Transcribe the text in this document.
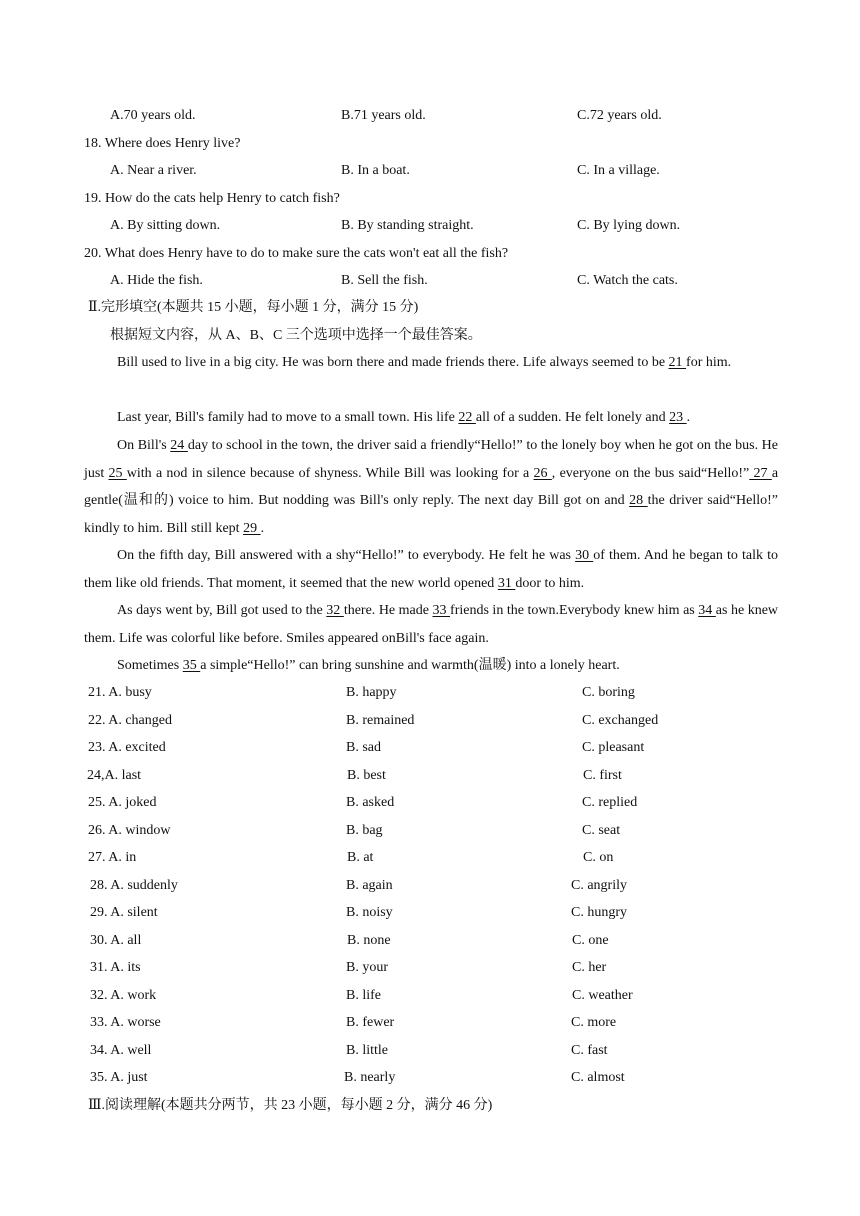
A.70 years old.	B.71 years old.	C.72 years old.
18. Where does Henry live?
A. Near a river.	B. In a boat.	C. In a village.
19. How do the cats help Henry to catch fish?
A. By sitting down.	B. By standing straight.	C. By lying down.
20. What does Henry have to do to make sure the cats won't eat all the fish?
A. Hide the fish.	B. Sell the fish.	C. Watch the cats.
Ⅱ.完形填空(本题共 15 小题，每小题 1 分，满分 15 分)
根据短文内容，从 A、B、C 三个选项中选择一个最佳答案。
Bill used to live in a big city. He was born there and made friends there. Life always seemed to be 21 for him.
Last year, Bill's family had to move to a small town. His life 22 all of a sudden. He felt lonely and 23 .
On Bill's 24 day to school in the town, the driver said a friendly“Hello!” to the lonely boy when he got on the bus. He just 25 with a nod in silence because of shyness. While Bill was looking for a 26 , everyone on the bus said“Hello!” 27 a gentle(温和的) voice to him. But nodding was Bill's only reply. The next day Bill got on and 28 the driver said“Hello!” kindly to him. Bill still kept 29 .
On the fifth day, Bill answered with a shy“Hello!” to everybody. He felt he was 30 of them. And he began to talk to them like old friends. That moment, it seemed that the new world opened 31 door to him.
As days went by, Bill got used to the 32 there. He made 33 friends in the town.Everybody knew him as 34 as he knew them. Life was colorful like before. Smiles appeared onBill's face again.
Sometimes 35 a simple“Hello!” can bring sunshine and warmth(温暖) into a lonely heart.
21. A. busy	B. happy	C. boring
22. A. changed	B. remained	C. exchanged
23. A. excited	B. sad	C. pleasant
24,A. last	B. best	C. first
25. A. joked	B. asked	C. replied
26. A. window	B. bag	C. seat
27. A. in	B. at	C. on
28. A. suddenly	B. again	C. angrily
29. A. silent	B. noisy	C. hungry
30. A. all	B. none	C. one
31. A. its	B. your	C. her
32. A. work	B. life	C. weather
33. A. worse	B. fewer	C. more
34. A. well	B. little	C. fast
35. A. just	B. nearly	C. almost
Ⅲ.阅读理解(本题共分两节，共 23 小题，每小题 2 分，满分 46 分)
